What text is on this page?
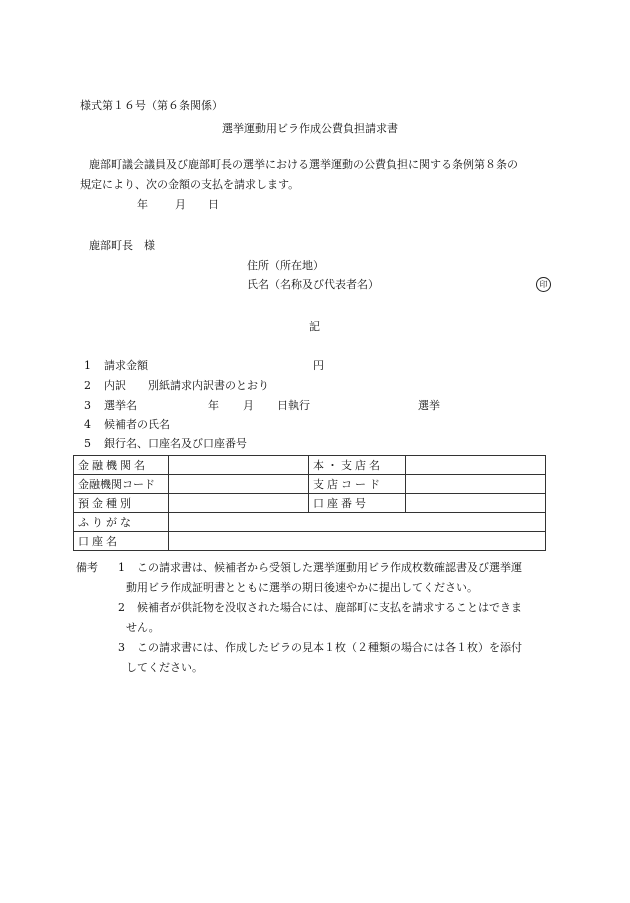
様式第１６号（第６条関係）
選挙運動用ビラ作成公費負担請求書
鹿部町議会議員及び鹿部町長の選挙における選挙運動の公費負担に関する条例第８条の
規定により、次の金額の支払を請求します。
年 月 日
鹿部町長　様
住所（所在地）
氏名（名称及び代表者名）	印
記
1 請求金額	円
2 内訳 別紙請求内訳書のとおり
3 選挙名	年 月 日執行	選挙
4 候補者の氏名
5 銀行名、口座名及び口座番号
金融機関名		本・支店名	
金融機関コード		支店コード	
預金種別		口座番号	
ふりがな			
口座名			
備考 1 この請求書は、候補者から受領した選挙運動用ビラ作成枚数確認書及び選挙運
動用ビラ作成証明書とともに選挙の期日後速やかに提出してください。
2 候補者が供託物を没収された場合には、鹿部町に支払を請求することはできま
せん。
3 この請求書には、作成したビラの見本１枚（２種類の場合には各１枚）を添付
してください。
